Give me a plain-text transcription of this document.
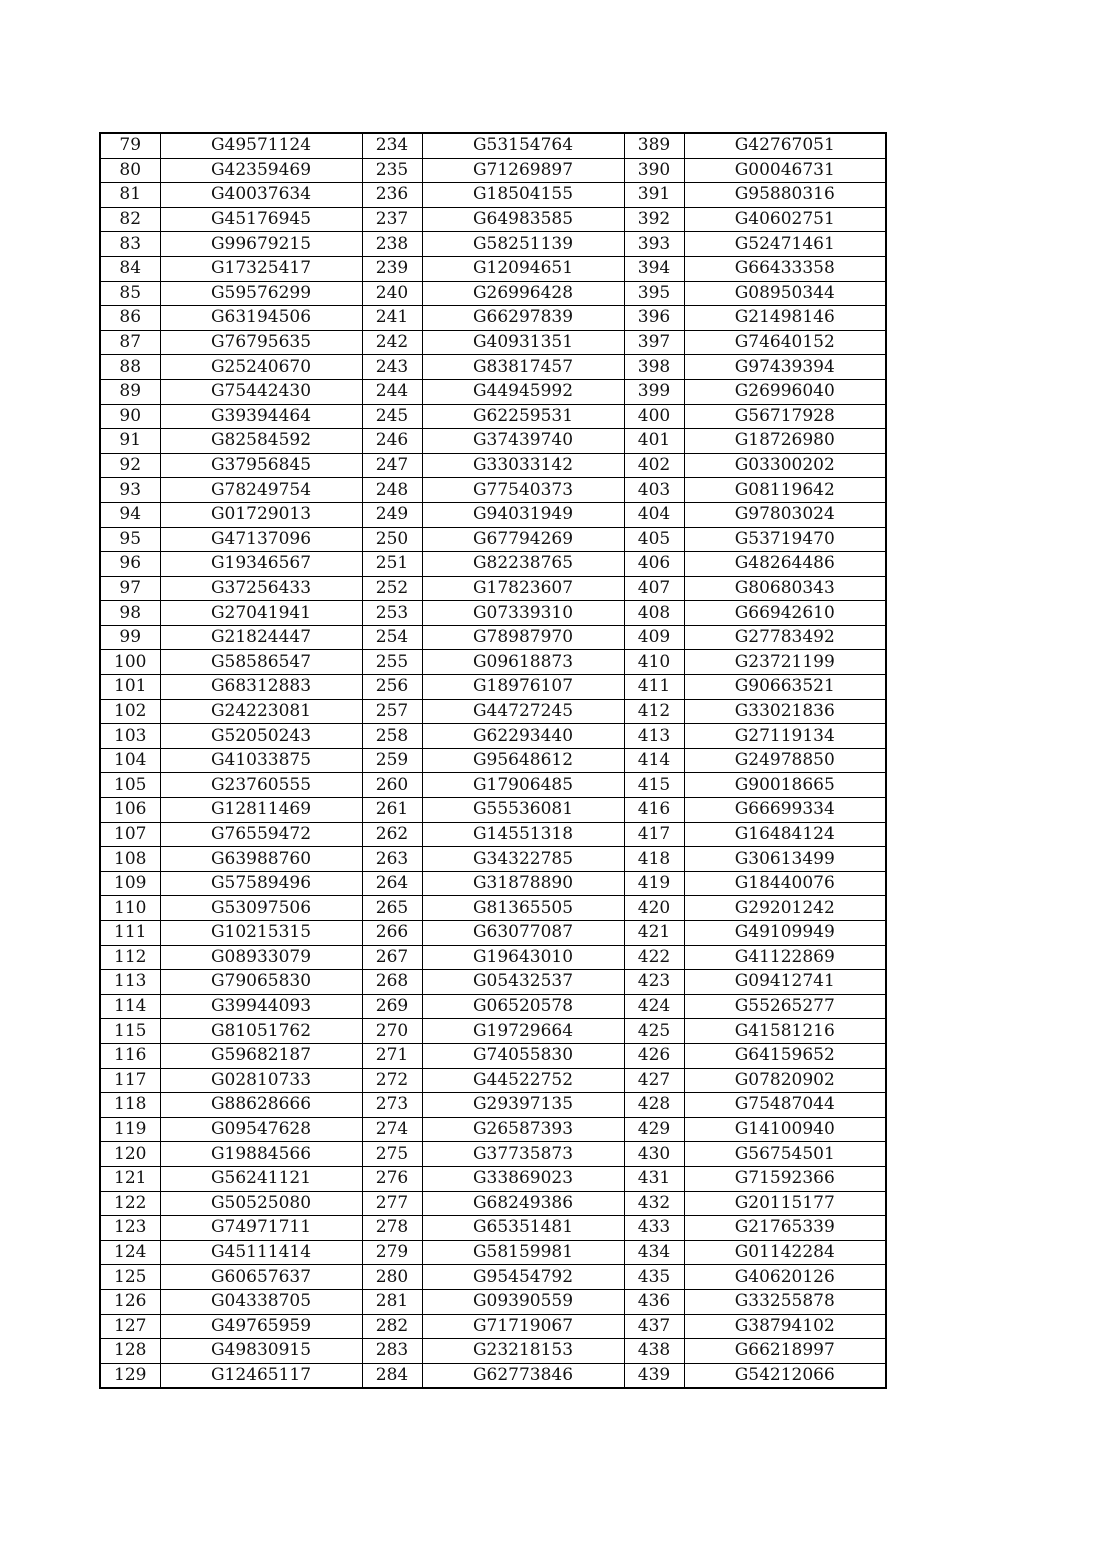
79	G49571124	234	G53154764	389	G42767051
80	G42359469	235	G71269897	390	G00046731
81	G40037634	236	G18504155	391	G95880316
82	G45176945	237	G64983585	392	G40602751
83	G99679215	238	G58251139	393	G52471461
84	G17325417	239	G12094651	394	G66433358
85	G59576299	240	G26996428	395	G08950344
86	G63194506	241	G66297839	396	G21498146
87	G76795635	242	G40931351	397	G74640152
88	G25240670	243	G83817457	398	G97439394
89	G75442430	244	G44945992	399	G26996040
90	G39394464	245	G62259531	400	G56717928
91	G82584592	246	G37439740	401	G18726980
92	G37956845	247	G33033142	402	G03300202
93	G78249754	248	G77540373	403	G08119642
94	G01729013	249	G94031949	404	G97803024
95	G47137096	250	G67794269	405	G53719470
96	G19346567	251	G82238765	406	G48264486
97	G37256433	252	G17823607	407	G80680343
98	G27041941	253	G07339310	408	G66942610
99	G21824447	254	G78987970	409	G27783492
100	G58586547	255	G09618873	410	G23721199
101	G68312883	256	G18976107	411	G90663521
102	G24223081	257	G44727245	412	G33021836
103	G52050243	258	G62293440	413	G27119134
104	G41033875	259	G95648612	414	G24978850
105	G23760555	260	G17906485	415	G90018665
106	G12811469	261	G55536081	416	G66699334
107	G76559472	262	G14551318	417	G16484124
108	G63988760	263	G34322785	418	G30613499
109	G57589496	264	G31878890	419	G18440076
110	G53097506	265	G81365505	420	G29201242
111	G10215315	266	G63077087	421	G49109949
112	G08933079	267	G19643010	422	G41122869
113	G79065830	268	G05432537	423	G09412741
114	G39944093	269	G06520578	424	G55265277
115	G81051762	270	G19729664	425	G41581216
116	G59682187	271	G74055830	426	G64159652
117	G02810733	272	G44522752	427	G07820902
118	G88628666	273	G29397135	428	G75487044
119	G09547628	274	G26587393	429	G14100940
120	G19884566	275	G37735873	430	G56754501
121	G56241121	276	G33869023	431	G71592366
122	G50525080	277	G68249386	432	G20115177
123	G74971711	278	G65351481	433	G21765339
124	G45111414	279	G58159981	434	G01142284
125	G60657637	280	G95454792	435	G40620126
126	G04338705	281	G09390559	436	G33255878
127	G49765959	282	G71719067	437	G38794102
128	G49830915	283	G23218153	438	G66218997
129	G12465117	284	G62773846	439	G54212066
